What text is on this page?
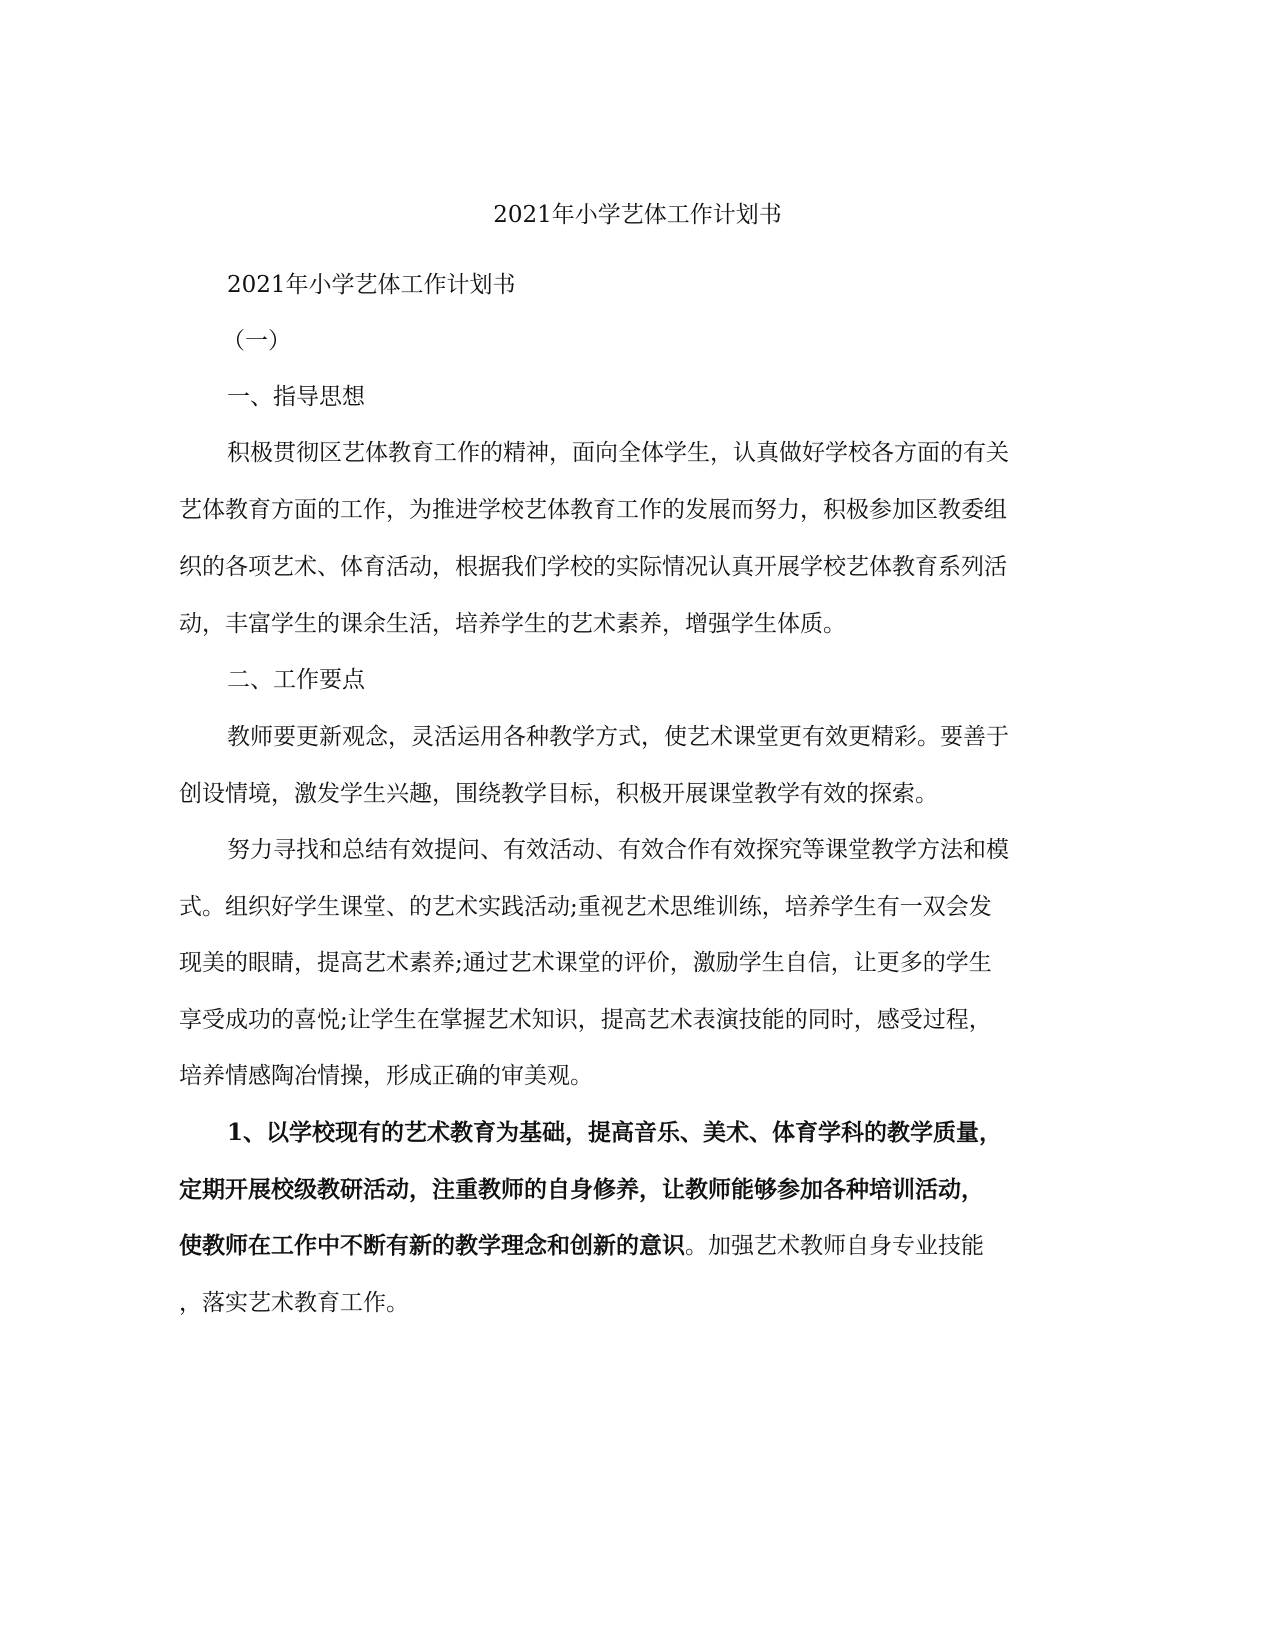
2021年小学艺体工作计划书
2021年小学艺体工作计划书
（一）
一、指导思想
积极贯彻区艺体教育工作的精神，面向全体学生，认真做好学校各方面的有关
艺体教育方面的工作，为推进学校艺体教育工作的发展而努力，积极参加区教委组
织的各项艺术、体育活动，根据我们学校的实际情况认真开展学校艺体教育系列活
动，丰富学生的课余生活，培养学生的艺术素养，增强学生体质。
二、工作要点
教师要更新观念，灵活运用各种教学方式，使艺术课堂更有效更精彩。要善于
创设情境，激发学生兴趣，围绕教学目标，积极开展课堂教学有效的探索。
努力寻找和总结有效提问、有效活动、有效合作有效探究等课堂教学方法和模
式。组织好学生课堂、的艺术实践活动;重视艺术思维训练，培养学生有一双会发
现美的眼睛，提高艺术素养;通过艺术课堂的评价，激励学生自信，让更多的学生
享受成功的喜悦;让学生在掌握艺术知识，提高艺术表演技能的同时，感受过程，
培养情感陶冶情操，形成正确的审美观。
1、以学校现有的艺术教育为基础，提高音乐、美术、体育学科的教学质量，
定期开展校级教研活动，注重教师的自身修养，让教师能够参加各种培训活动，
使教师在工作中不断有新的教学理念和创新的意识。加强艺术教师自身专业技能
，落实艺术教育工作。
